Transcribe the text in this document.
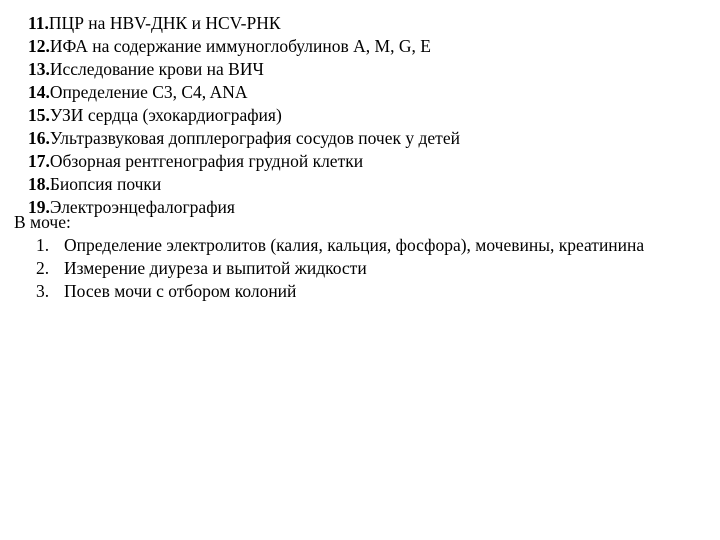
11.ПЦР на HBV-ДНК и HCV-РНК
12.ИФА на содержание иммуноглобулинов A, M, G, E
13.Исследование крови на ВИЧ
14.Определение C3, C4, ANA
15.УЗИ сердца (эхокардиография)
16.Ультразвуковая допплерография сосудов почек у детей
17.Обзорная рентгенография грудной клетки
18.Биопсия почки
19.Электроэнцефалография

В моче:

1. Определение электролитов (калия, кальция, фосфора), мочевины, креатинина
2. Измерение диуреза и выпитой жидкости
3. Посев мочи с отбором колоний
